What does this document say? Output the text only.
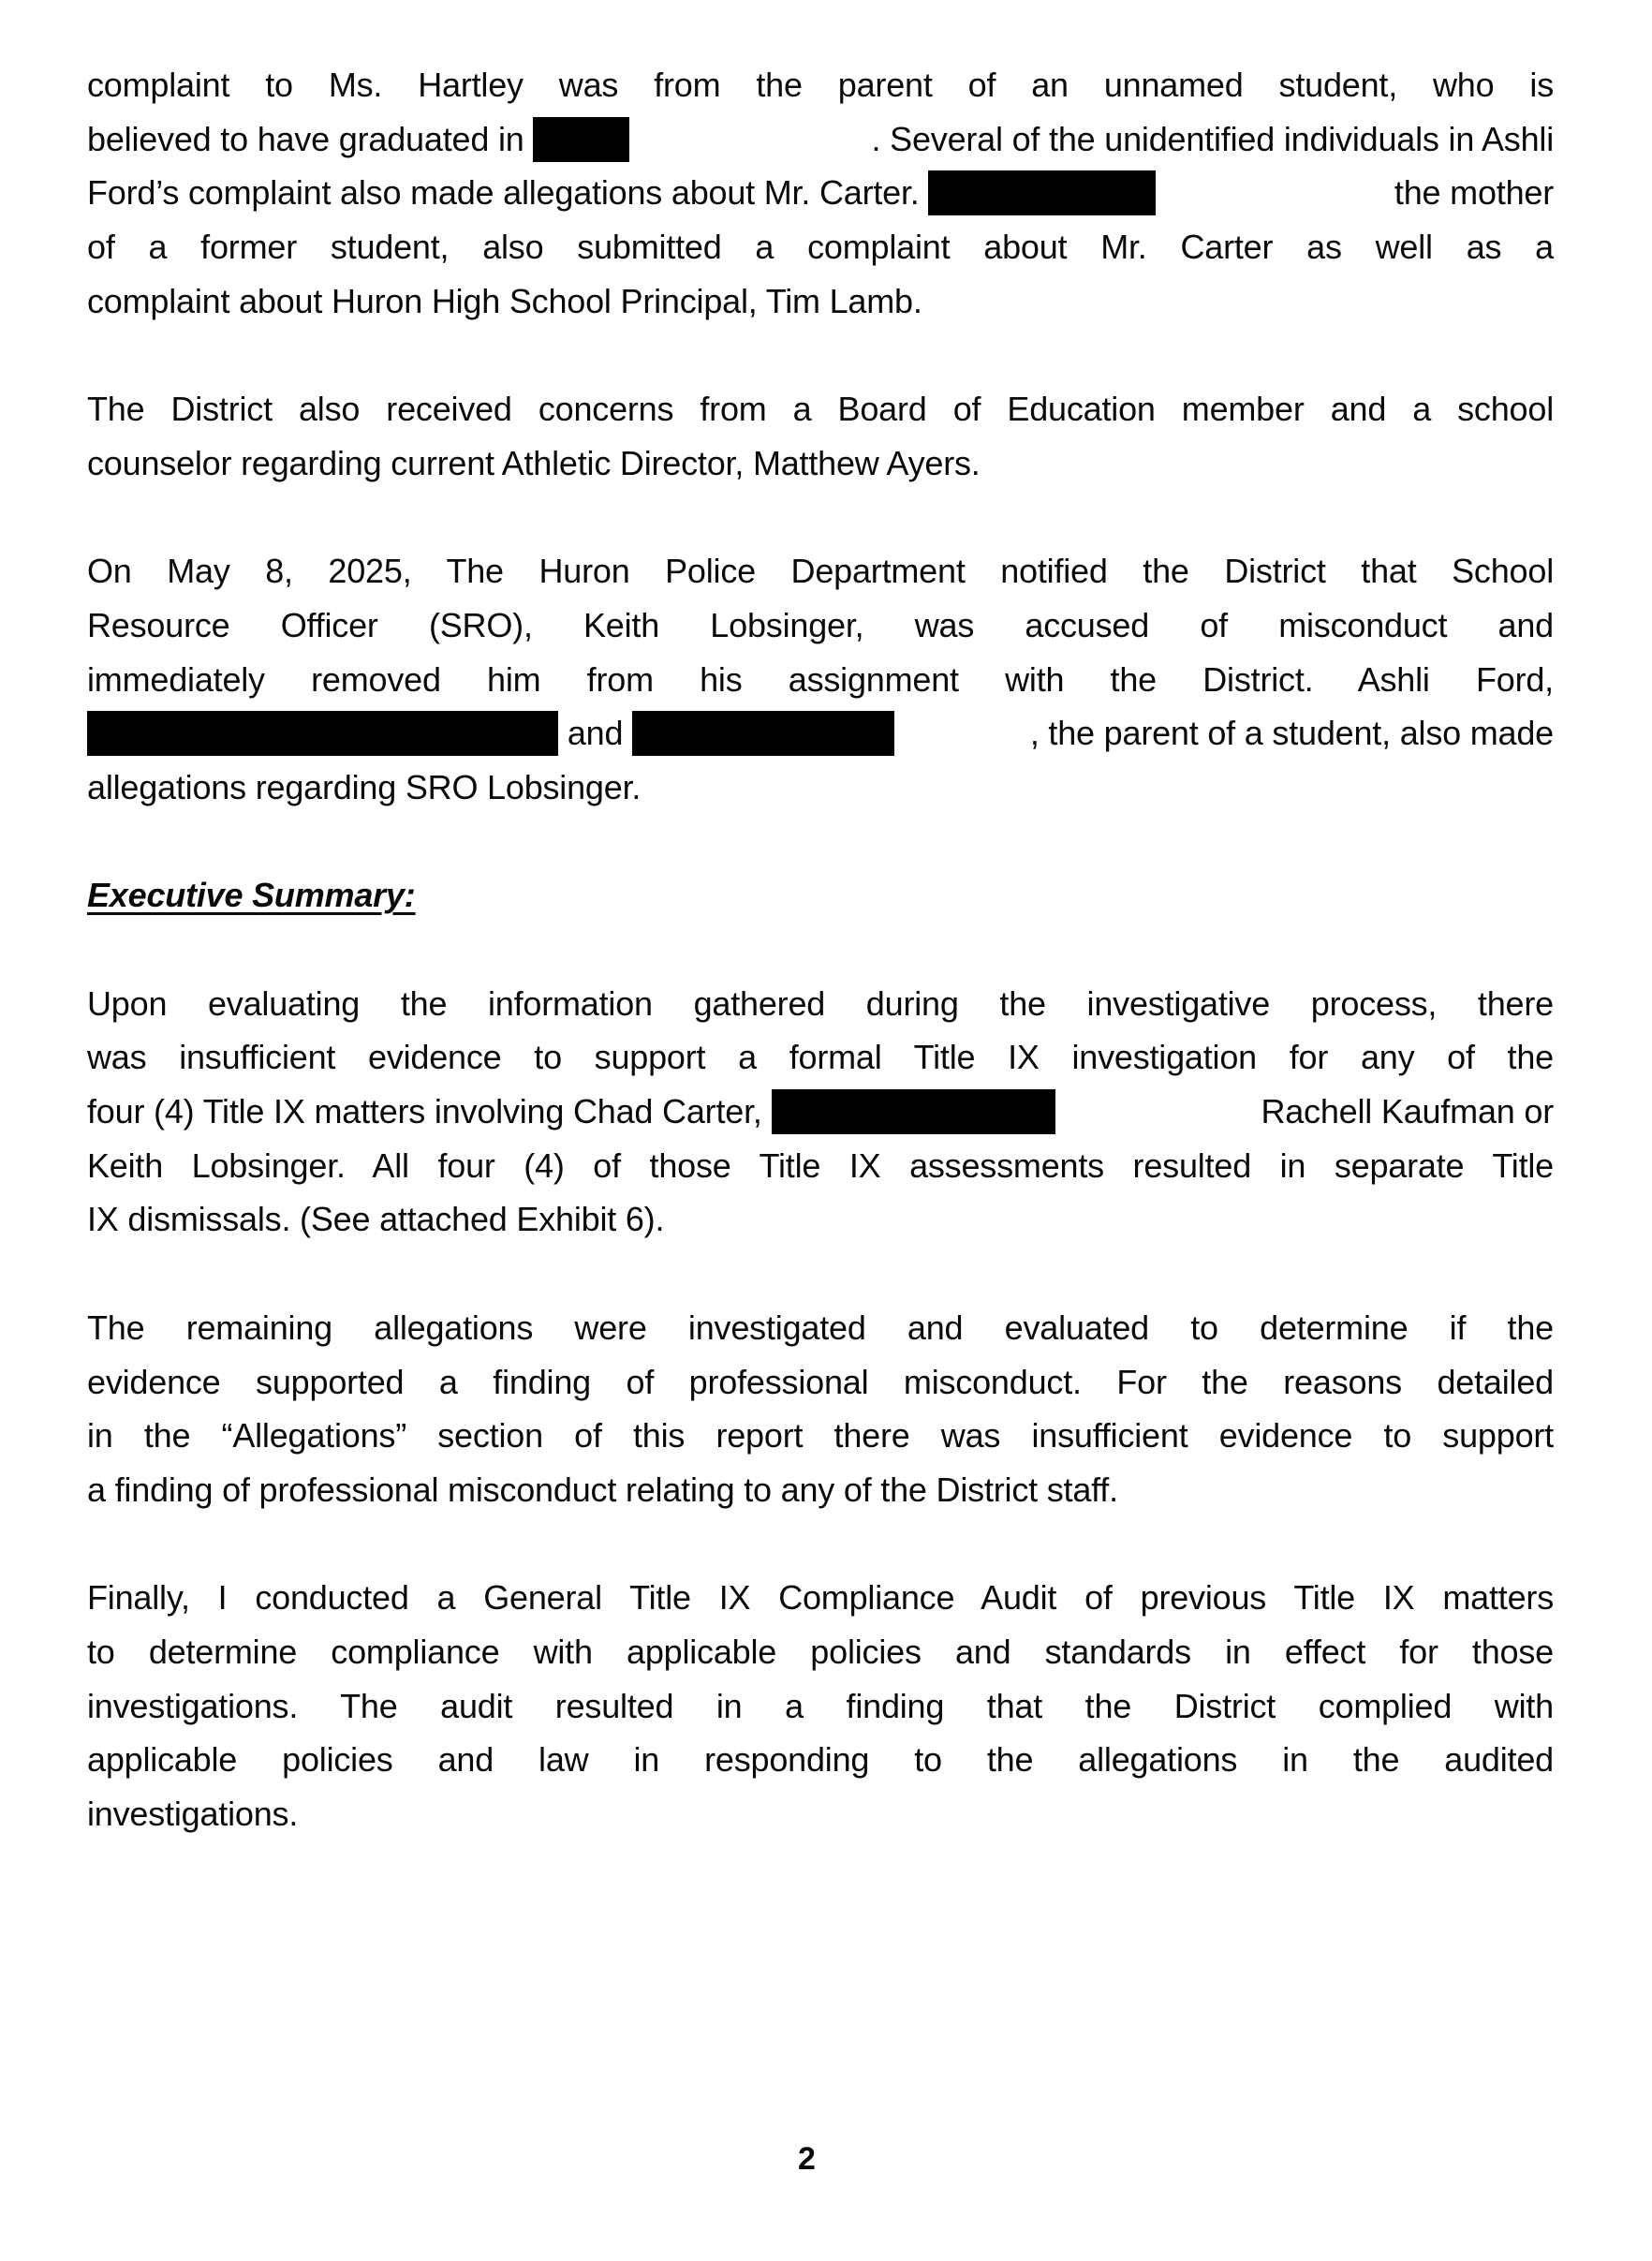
complaint to Ms. Hartley was from the parent of an unnamed student, who is
believed to have graduated in	. Several of the unidentified individuals in Ashli
Ford’s complaint also made allegations about Mr. Carter.	the mother
of a former student, also submitted a complaint about Mr. Carter as well as a
complaint about Huron High School Principal, Tim Lamb.
The District also received concerns from a Board of Education member and a school
counselor regarding current Athletic Director, Matthew Ayers.
On May 8, 2025, The Huron Police Department notified the District that School
Resource Officer (SRO), Keith Lobsinger, was accused of misconduct and
immediately removed him from his assignment with the District. Ashli Ford,
and	, the parent of a student, also made
allegations regarding SRO Lobsinger.
Executive Summary:
Upon evaluating the information gathered during the investigative process, there
was insufficient evidence to support a formal Title IX investigation for any of the
four (4) Title IX matters involving Chad Carter,	Rachell Kaufman or
Keith Lobsinger. All four (4) of those Title IX assessments resulted in separate Title
IX dismissals. (See attached Exhibit 6).
The remaining allegations were investigated and evaluated to determine if the
evidence supported a finding of professional misconduct. For the reasons detailed
in the “Allegations” section of this report there was insufficient evidence to support
a finding of professional misconduct relating to any of the District staff.
Finally, I conducted a General Title IX Compliance Audit of previous Title IX matters
to determine compliance with applicable policies and standards in effect for those
investigations. The audit resulted in a finding that the District complied with
applicable policies and law in responding to the allegations in the audited
investigations.
2
